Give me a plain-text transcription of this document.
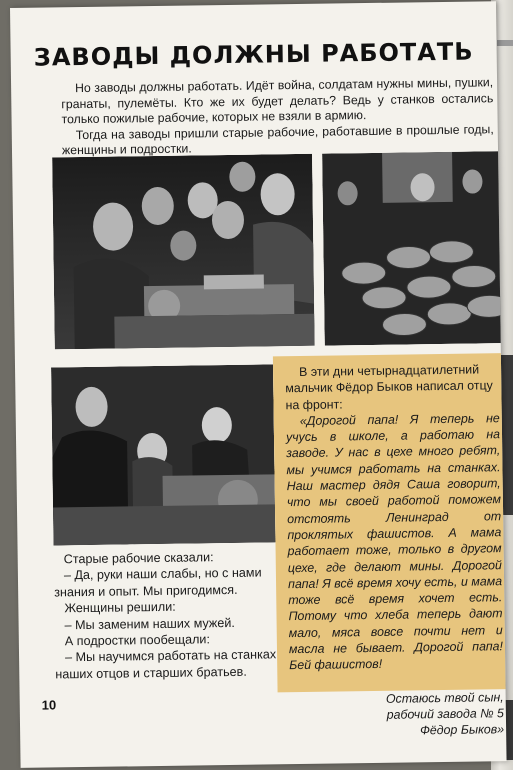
ЗАВОДЫ ДОЛЖНЫ РАБОТАТЬ

Но заводы должны работать. Идёт война, солдатам нужны мины, пушки, гранаты, пулемёты. Кто же их будет делать? Ведь у станков остались только пожилые рабочие, которых не взяли в армию.

Тогда на заводы пришли старые рабочие, работавшие в прошлые годы, женщины и подростки.

Старые рабочие сказали:

– Да, руки наши слабы, но с нами знания и опыт. Мы пригодимся.

Женщины решили:

– Мы заменим наших мужей.

А подростки пообещали:

– Мы научимся работать на станках наших отцов и старших братьев.

В эти дни четырнадцатилетний мальчик Фёдор Быков написал отцу на фронт:

«Дорогой папа! Я теперь не учусь в школе, а работаю на заводе. У нас в цехе много ребят, мы учимся работать на станках. Наш мастер дядя Саша говорит, что мы своей работой поможем отстоять Ленинград от проклятых фашистов. А мама работает тоже, только в другом цехе, где делают мины. Дорогой папа! Я всё время хочу есть, и мама тоже всё время хочет есть. Потому что хлеба теперь дают мало, мяса вовсе почти нет и масла не бывает. Дорогой папа! Бей фашистов!

Остаюсь твой сын,
рабочий завода № 5
Фёдор Быков»
10
